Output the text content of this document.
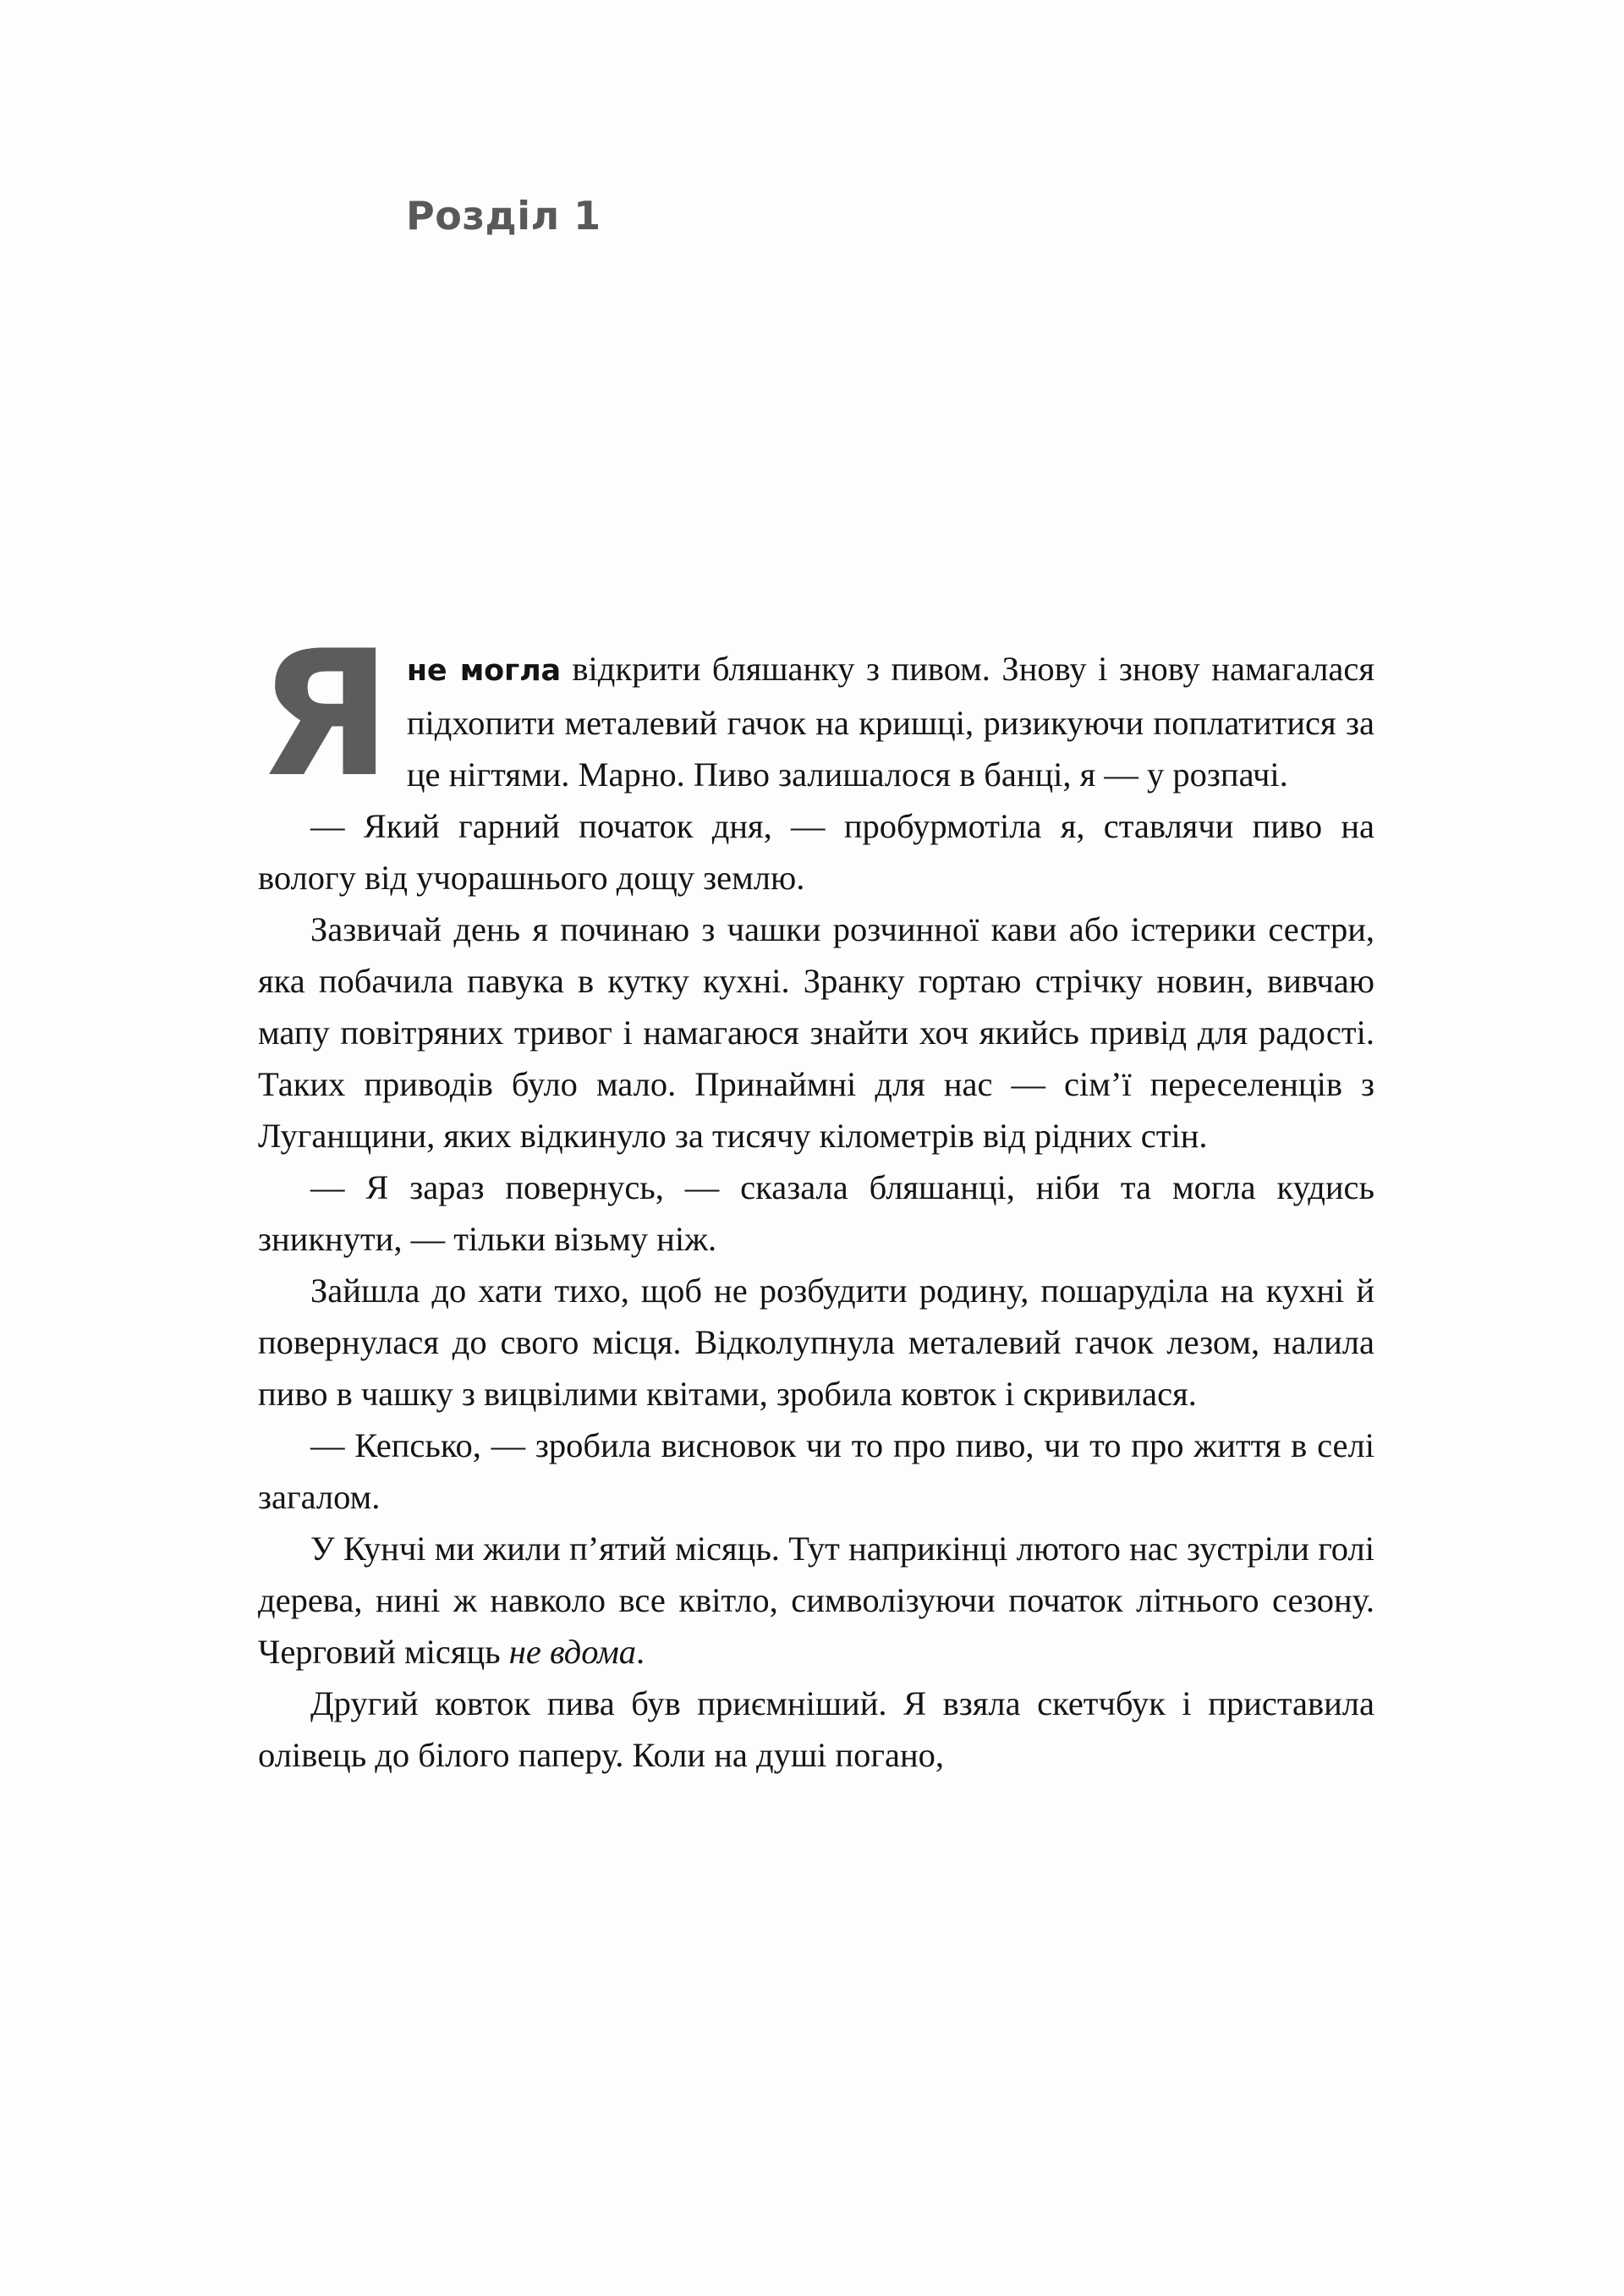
Розділ 1

Яне могла відкрити бляшанку з пивом. Знову і знову намагалася підхопити металевий гачок на кришці, ризикуючи поплатитися за це нігтями. Марно. Пиво залишалося в банці, я — у розпачі.

— Який гарний початок дня, — пробурмотіла я, ставлячи пиво на вологу від учорашнього дощу землю.

Зазвичай день я починаю з чашки розчинної кави або істерики сестри, яка побачила павука в кутку кухні. Зранку гортаю стрічку новин, вивчаю мапу повітряних тривог і намагаюся знайти хоч якийсь привід для радості. Таких приводів було мало. Принаймні для нас — сім’ї переселенців з Луганщини, яких відкинуло за тисячу кілометрів від рідних стін.

— Я зараз повернусь, — сказала бляшанці, ніби та могла кудись зникнути, — тільки візьму ніж.

Зайшла до хати тихо, щоб не розбудити родину, пошарудiла на кухні й повернулася до свого місця. Відколупнула металевий гачок лезом, налила пиво в чашку з вицвілими квітами, зробила ковток і скривилася.

— Кепсько, — зробила висновок чи то про пиво, чи то про життя в селі загалом.

У Кунчі ми жили п’ятий місяць. Тут наприкінці лютого нас зустріли голі дерева, нині ж навколо все квітло, символізуючи початок літнього сезону. Черговий місяць не вдома.

Другий ковток пива був приємніший. Я взяла скетчбук і приставила олівець до білого паперу. Коли на душі погано,
